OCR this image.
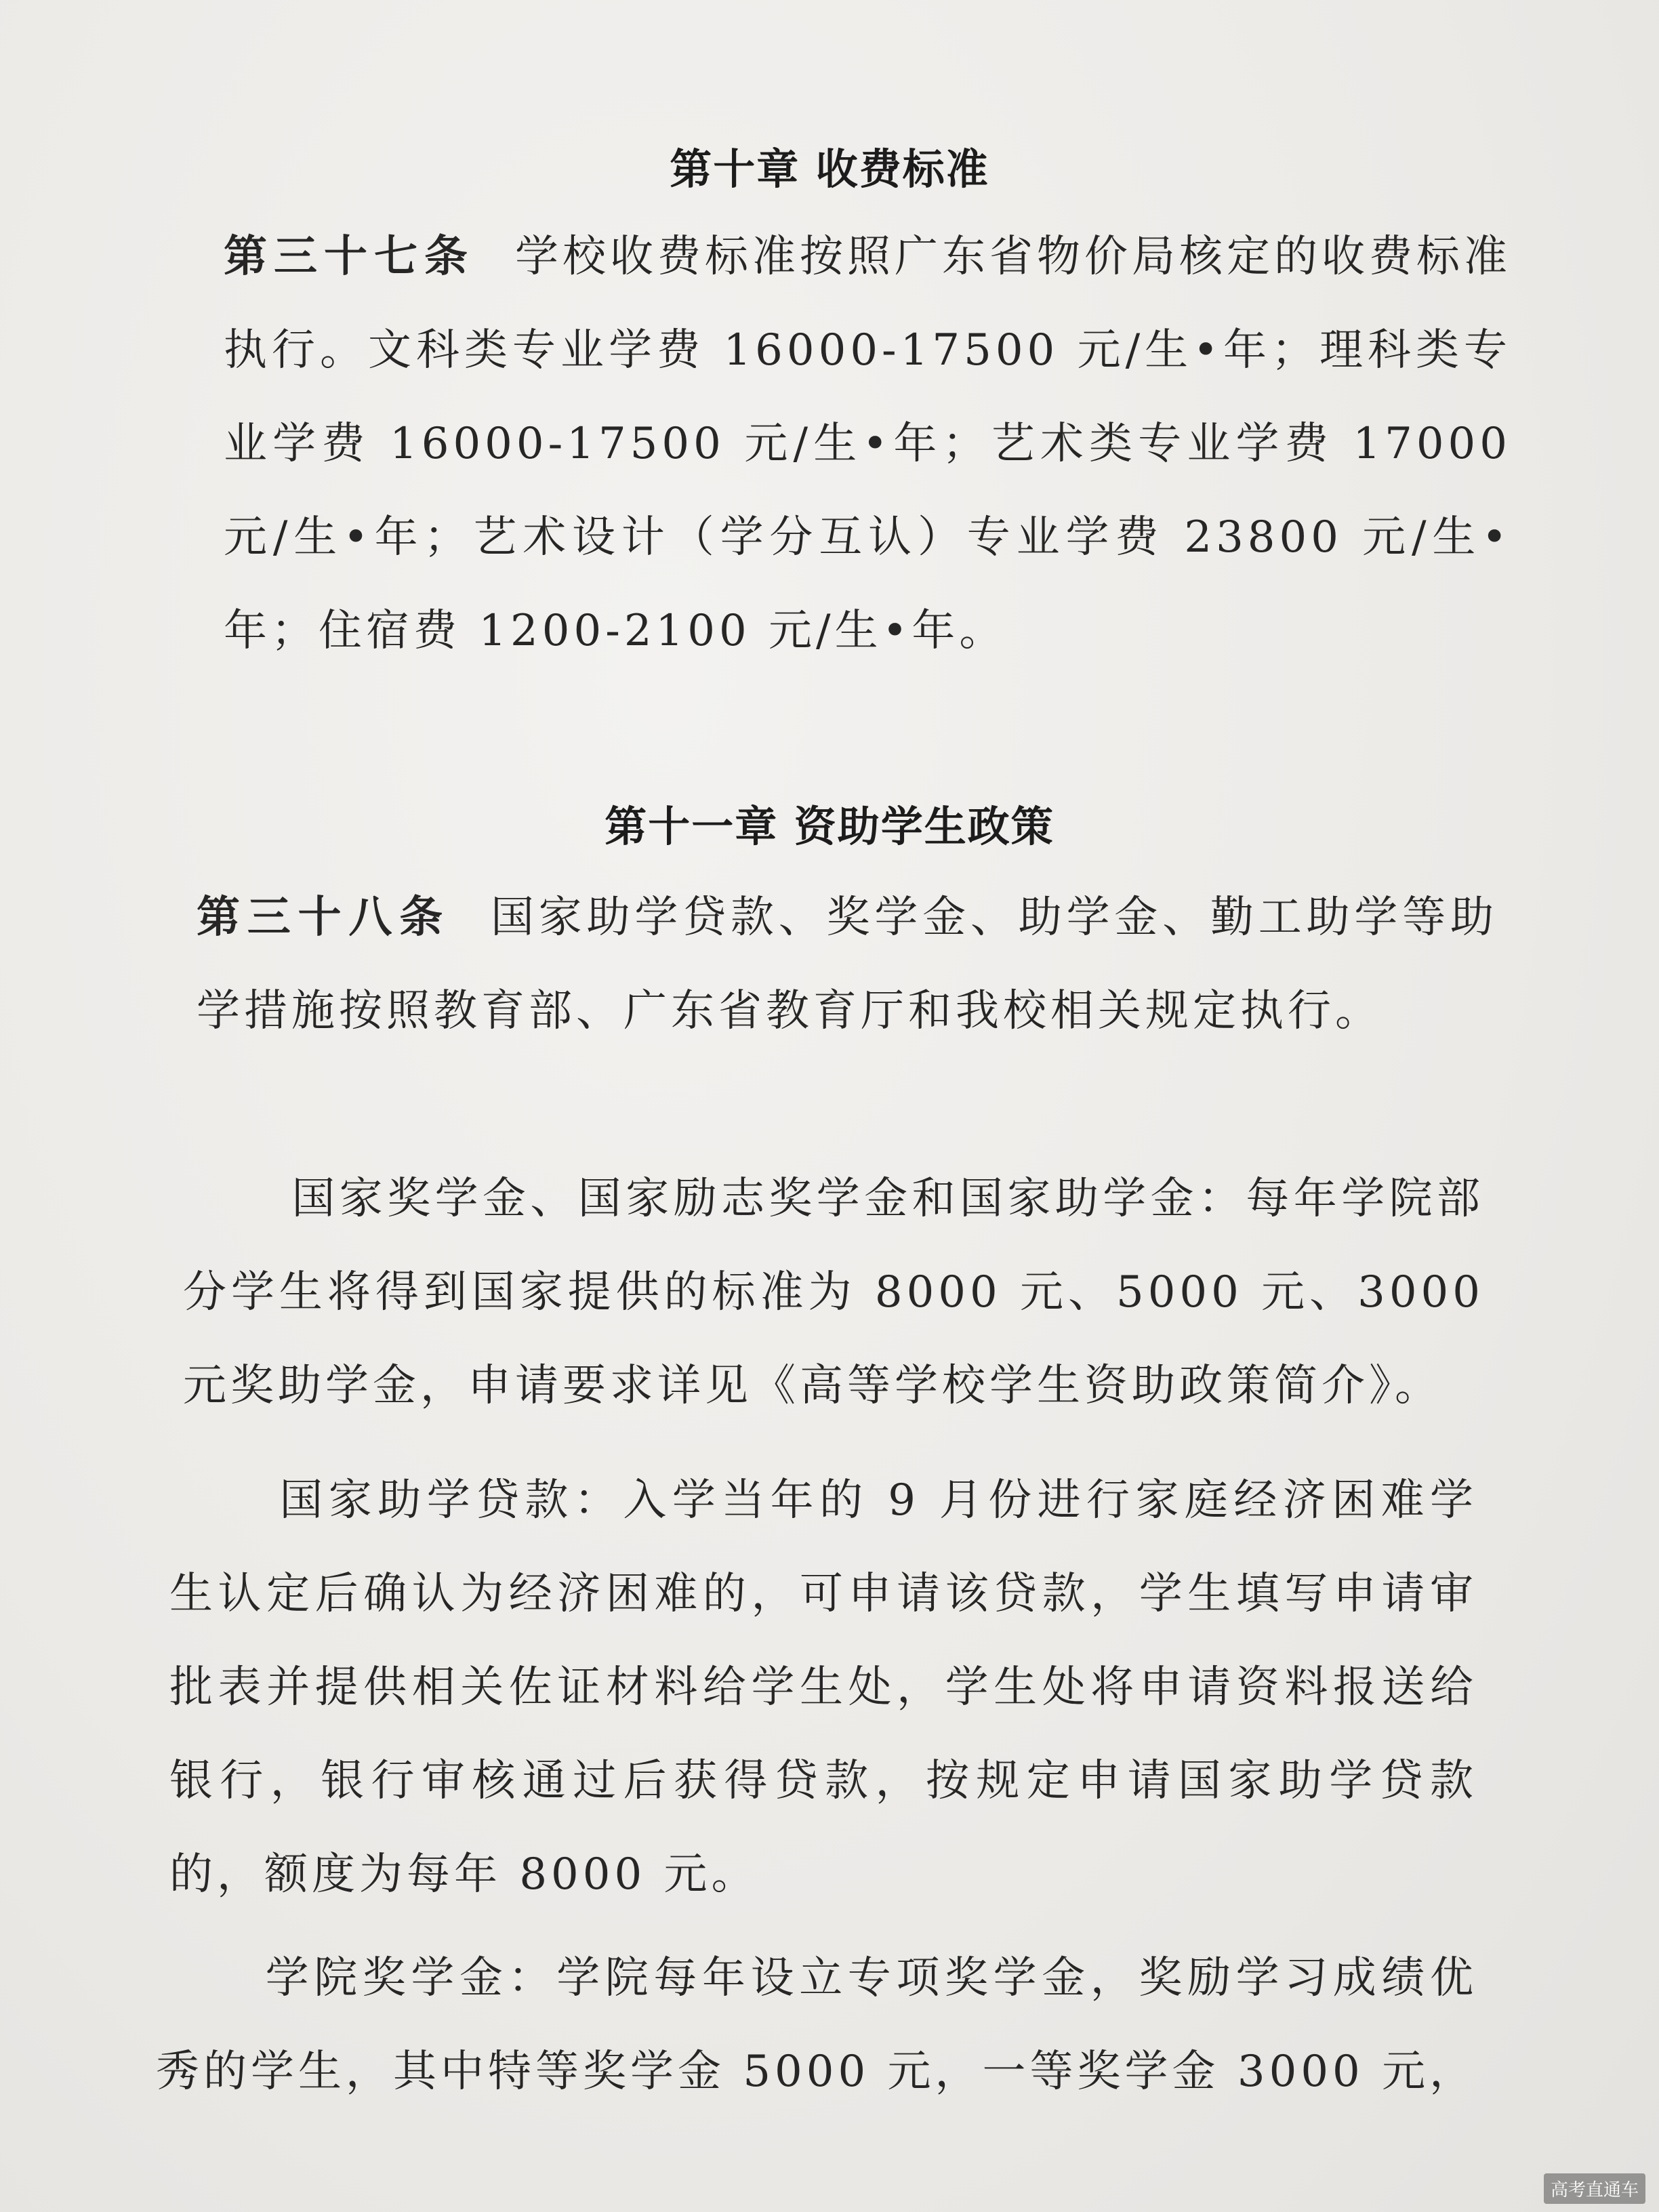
第十章 收费标准
第三十七条 学校收费标准按照广东省物价局核定的收费标准执行。文科类专业学费 16000-17500 元/生•年；理科类专业学费 16000-17500 元/生•年；艺术类专业学费 17000 元/生•年；艺术设计（学分互认）专业学费 23800 元/生•年；住宿费 1200-2100 元/生•年。
第十一章 资助学生政策
第三十八条 国家助学贷款、奖学金、助学金、勤工助学等助学措施按照教育部、广东省教育厅和我校相关规定执行。
国家奖学金、国家励志奖学金和国家助学金：每年学院部分学生将得到国家提供的标准为 8000 元、5000 元、3000 元奖助学金，申请要求详见《高等学校学生资助政策简介》。
国家助学贷款：入学当年的 9 月份进行家庭经济困难学生认定后确认为经济困难的，可申请该贷款，学生填写申请审批表并提供相关佐证材料给学生处，学生处将申请资料报送给银行，银行审核通过后获得贷款，按规定申请国家助学贷款的，额度为每年 8000 元。
学院奖学金：学院每年设立专项奖学金，奖励学习成绩优秀的学生，其中特等奖学金 5000 元，一等奖学金 3000 元，
高考直通车
